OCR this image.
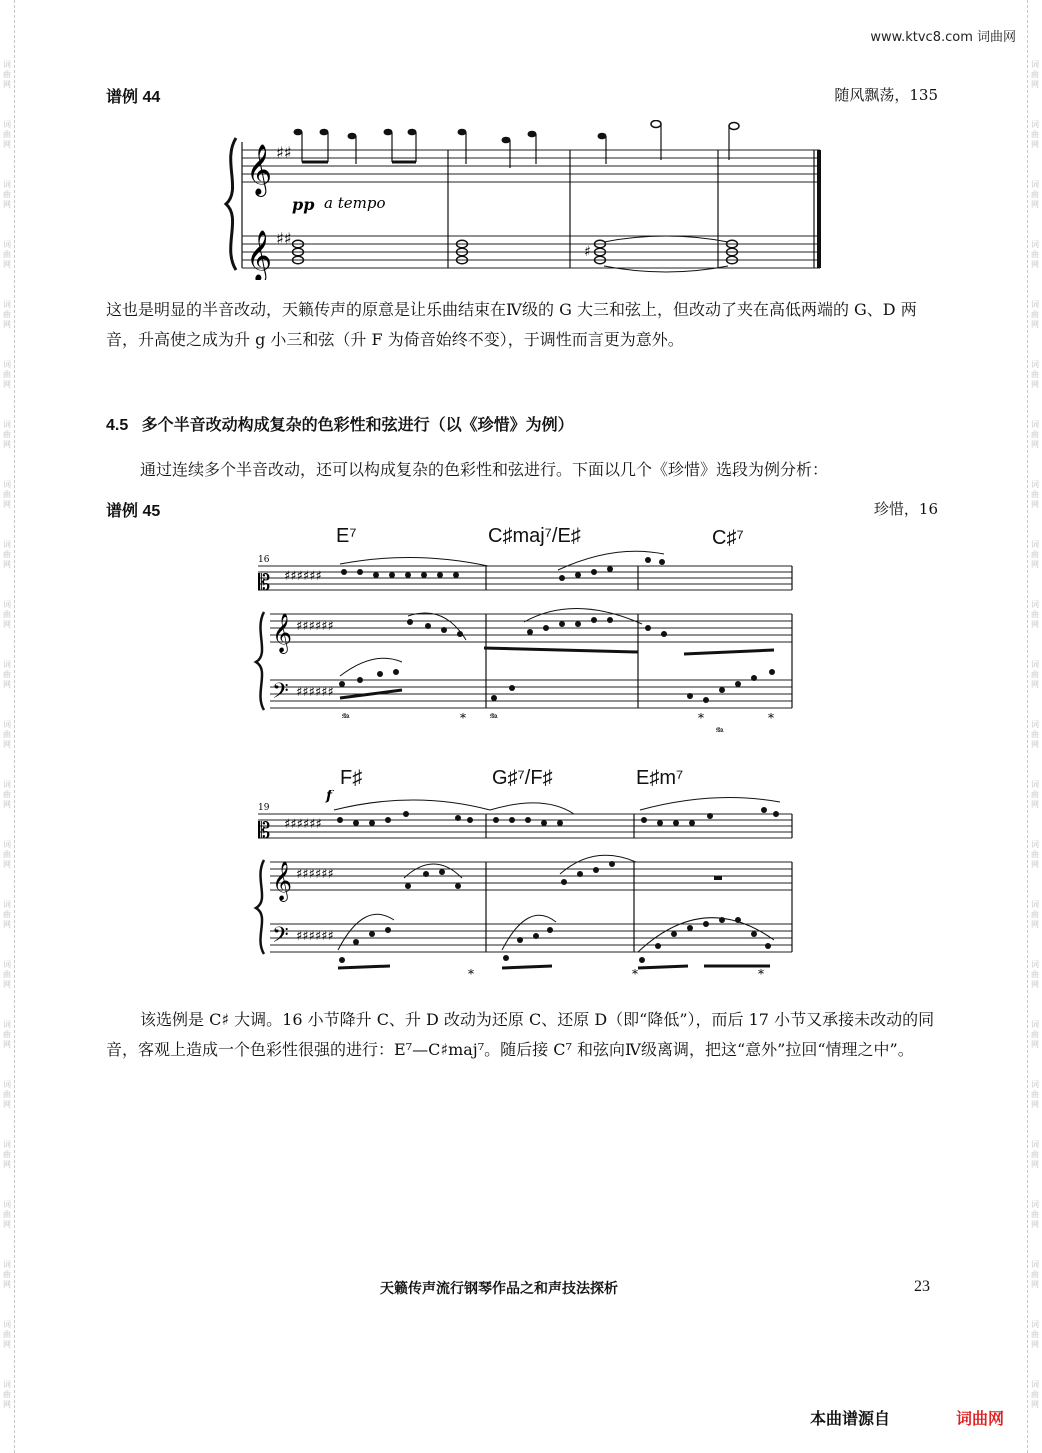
词
曲
网
词
曲
网
词
曲
网
词
曲
网
词
曲
网
词
曲
网
词
曲
网
词
曲
网
词
曲
网
词
曲
网
词
曲
网
词
曲
网
词
曲
网
词
曲
网
词
曲
网
词
曲
网
词
曲
网
词
曲
网
词
曲
网
词
曲
网
词
曲
网
词
曲
网
词
曲
网
词
曲
网
词
曲
网
词
曲
网
词
曲
网
词
曲
网
词
曲
网
词
曲
网
词
曲
网
词
曲
网
词
曲
网
词
曲
网
词
曲
网
词
曲
网
词
曲
网
词
曲
网
词
曲
网
词
曲
网
词
曲
网
词
曲
网
词
曲
网
词
曲
网
词
曲
网
词
曲
网
www.ktvc8.com 词曲网
谱例 44	随风飘荡，135
𝄞
𝄞
♯♯
♯♯
♯
pp a tempo
这也是明显的半音改动，天籁传声的原意是让乐曲结束在Ⅳ级的 G 大三和弦上，但改动了夹在高低两端的 G、D 两音，升高使之成为升 g 小三和弦（升 F 为倚音始终不变），于调性而言更为意外。
4.5 多个半音改动构成复杂的色彩性和弦进行（以《珍惜》为例）
通过连续多个半音改动，还可以构成复杂的色彩性和弦进行。下面以几个《珍惜》选段为例分析：
谱例 45	珍惜，16
E⁷	C♯maj⁷/E♯	C♯⁷
16
𝄡
𝄞
𝄢
♯♯♯♯♯♯
♯♯♯♯♯♯
♯♯♯♯♯♯
𝆮	𝆮
𝆮
*	*	*
F♯	G♯⁷/F♯	E♯m⁷
19
f
𝄡
𝄞
𝄢
♯♯♯♯♯♯
♯♯♯♯♯♯
♯♯♯♯♯♯
*	*	*
该选例是 C♯ 大调。16 小节降升 C、升 D 改动为还原 C、还原 D（即“降低”），而后 17 小节又承接未改动的同音，客观上造成一个色彩性很强的进行：E⁷—C♯maj⁷。随后接 C⁷ 和弦向Ⅳ级离调，把这“意外”拉回“情理之中”。
天籁传声流行钢琴作品之和声技法探析	23
本曲谱源自	词曲网
